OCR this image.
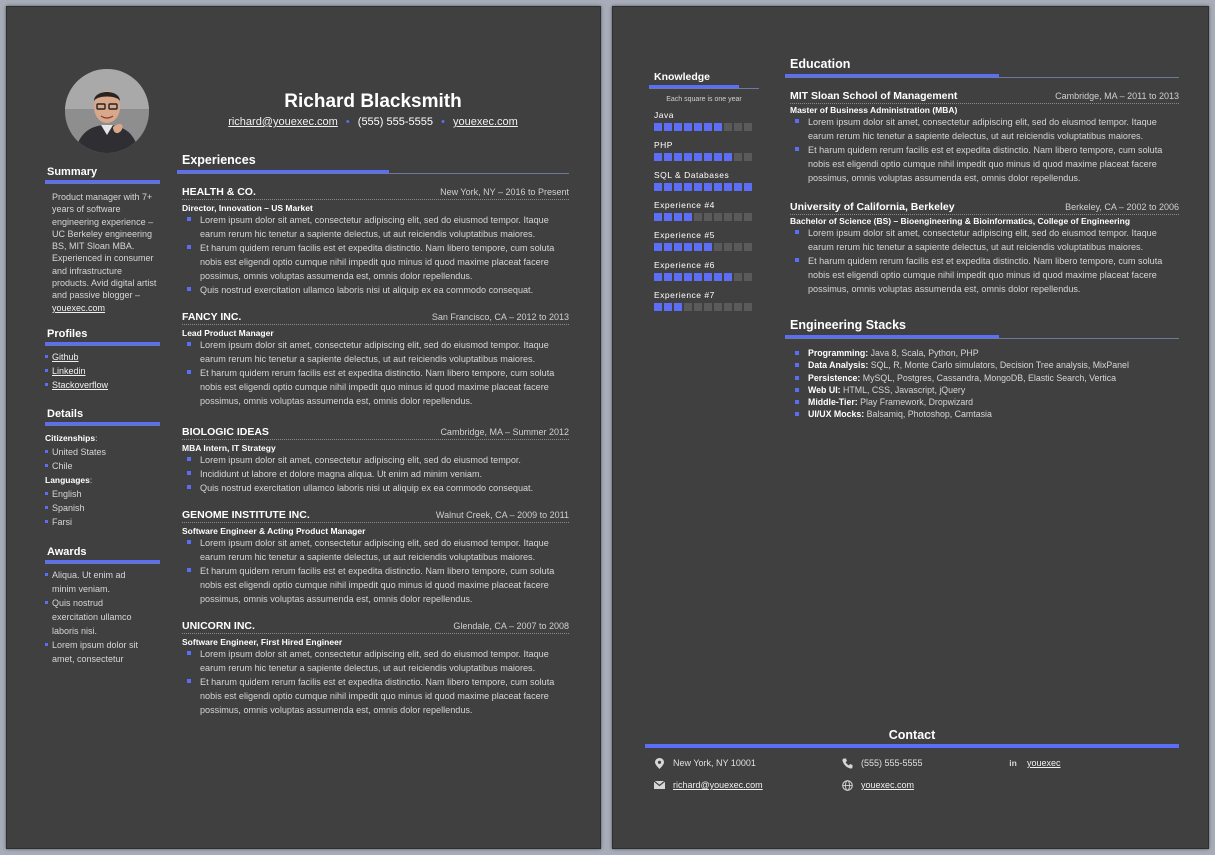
Richard Blacksmith
richard@youexec.com • (555) 555-5555 • youexec.com
Summary
Product manager with 7+ years of software engineering experience – UC Berkeley engineering BS, MIT Sloan MBA. Experienced in consumer and infrastructure products. Avid digital artist and passive blogger – youexec.com
Profiles
Github
Linkedin
Stackoverflow
Details
Citizenships:
United States
Chile
Languages:
English
Spanish
Farsi
Awards
Aliqua. Ut enim ad minim veniam.
Quis nostrud exercitation ullamco laboris nisi.
Lorem ipsum dolor sit amet, consectetur
Experiences
HEALTH & CO.	New York, NY – 2016 to Present
Director, Innovation – US Market
Lorem ipsum dolor sit amet, consectetur adipiscing elit, sed do eiusmod tempor. Itaque earum rerum hic tenetur a sapiente delectus, ut aut reiciendis voluptatibus maiores.
Et harum quidem rerum facilis est et expedita distinctio. Nam libero tempore, cum soluta nobis est eligendi optio cumque nihil impedit quo minus id quod maxime placeat facere possimus, omnis voluptas assumenda est, omnis dolor repellendus.
Quis nostrud exercitation ullamco laboris nisi ut aliquip ex ea commodo consequat.
FANCY INC.	San Francisco, CA – 2012 to 2013
Lead Product Manager
Lorem ipsum dolor sit amet, consectetur adipiscing elit, sed do eiusmod tempor. Itaque earum rerum hic tenetur a sapiente delectus, ut aut reiciendis voluptatibus maiores.
Et harum quidem rerum facilis est et expedita distinctio. Nam libero tempore, cum soluta nobis est eligendi optio cumque nihil impedit quo minus id quod maxime placeat facere possimus, omnis voluptas assumenda est, omnis dolor repellendus.
BIOLOGIC IDEAS	Cambridge, MA – Summer 2012
MBA Intern, IT Strategy
Lorem ipsum dolor sit amet, consectetur adipiscing elit, sed do eiusmod tempor.
Incididunt ut labore et dolore magna aliqua. Ut enim ad minim veniam.
Quis nostrud exercitation ullamco laboris nisi ut aliquip ex ea commodo consequat.
GENOME INSTITUTE INC.	Walnut Creek, CA – 2009 to 2011
Software Engineer & Acting Product Manager
Lorem ipsum dolor sit amet, consectetur adipiscing elit, sed do eiusmod tempor. Itaque earum rerum hic tenetur a sapiente delectus, ut aut reiciendis voluptatibus maiores.
Et harum quidem rerum facilis est et expedita distinctio. Nam libero tempore, cum soluta nobis est eligendi optio cumque nihil impedit quo minus id quod maxime placeat facere possimus, omnis voluptas assumenda est, omnis dolor repellendus.
UNICORN INC.	Glendale, CA – 2007 to 2008
Software Engineer, First Hired Engineer
Lorem ipsum dolor sit amet, consectetur adipiscing elit, sed do eiusmod tempor. Itaque earum rerum hic tenetur a sapiente delectus, ut aut reiciendis voluptatibus maiores.
Et harum quidem rerum facilis est et expedita distinctio. Nam libero tempore, cum soluta nobis est eligendi optio cumque nihil impedit quo minus id quod maxime placeat facere possimus, omnis voluptas assumenda est, omnis dolor repellendus.
Knowledge
Each square is one year
Java
PHP
SQL & Databases
Experience #4
Experience #5
Experience #6
Experience #7
Education
MIT Sloan School of Management	Cambridge, MA – 2011 to 2013
Master of Business Administration (MBA)
Lorem ipsum dolor sit amet, consectetur adipiscing elit, sed do eiusmod tempor. Itaque earum rerum hic tenetur a sapiente delectus, ut aut reiciendis voluptatibus maiores.
Et harum quidem rerum facilis est et expedita distinctio. Nam libero tempore, cum soluta nobis est eligendi optio cumque nihil impedit quo minus id quod maxime placeat facere possimus, omnis voluptas assumenda est, omnis dolor repellendus.
University of California, Berkeley	Berkeley, CA – 2002 to 2006
Bachelor of Science (BS) – Bioengineering & Bioinformatics, College of Engineering
Lorem ipsum dolor sit amet, consectetur adipiscing elit, sed do eiusmod tempor. Itaque earum rerum hic tenetur a sapiente delectus, ut aut reiciendis voluptatibus maiores.
Et harum quidem rerum facilis est et expedita distinctio. Nam libero tempore, cum soluta nobis est eligendi optio cumque nihil impedit quo minus id quod maxime placeat facere possimus, omnis voluptas assumenda est, omnis dolor repellendus.
Engineering Stacks
Programming: Java 8, Scala, Python, PHP
Data Analysis: SQL, R, Monte Carlo simulators, Decision Tree analysis, MixPanel
Persistence: MySQL, Postgres, Cassandra, MongoDB, Elastic Search, Vertica
Web UI: HTML, CSS, Javascript, jQuery
Middle-Tier: Play Framework, Dropwizard
UI/UX Mocks: Balsamiq, Photoshop, Camtasia
Contact
New York, NY 10001	(555) 555-5555	in youexec
richard@youexec.com	youexec.com
